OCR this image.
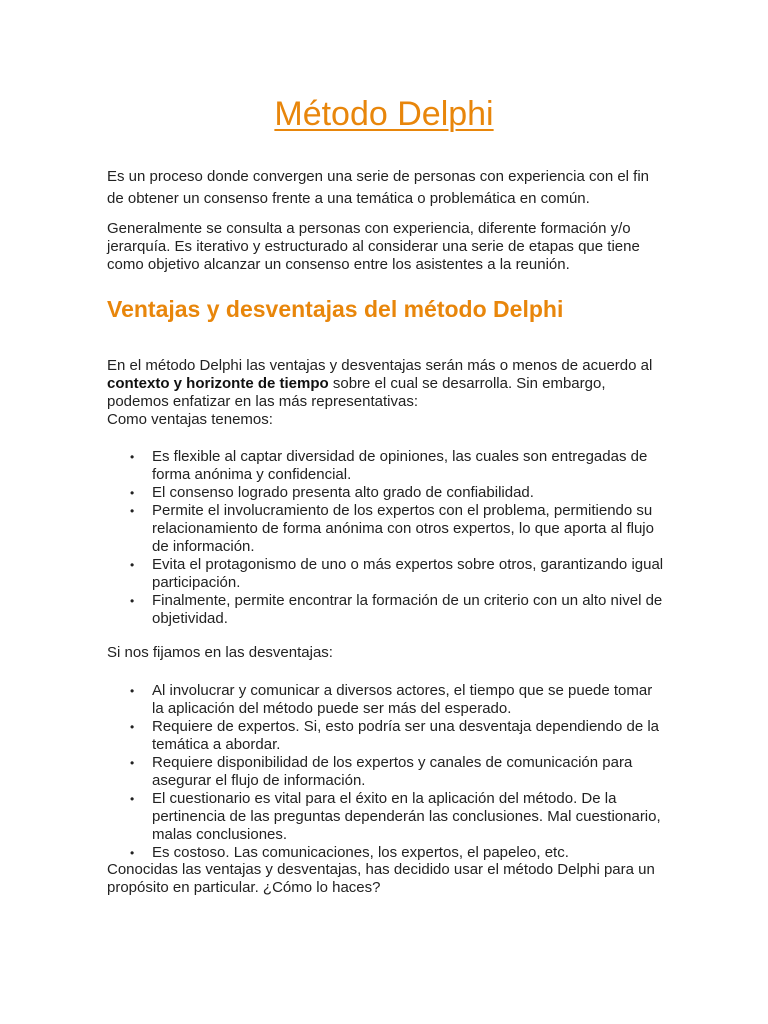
Método Delphi

Es un proceso donde convergen una serie de personas con experiencia con el fin de obtener un consenso frente a una temática o problemática en común.

Generalmente se consulta a personas con experiencia, diferente formación y/o jerarquía. Es iterativo y estructurado al considerar una serie de etapas que tiene como objetivo alcanzar un consenso entre los asistentes a la reunión.

Ventajas y desventajas del método Delphi

En el método Delphi las ventajas y desventajas serán más o menos de acuerdo al contexto y horizonte de tiempo sobre el cual se desarrolla. Sin embargo, podemos enfatizar en las más representativas:
Como ventajas tenemos:

• Es flexible al captar diversidad de opiniones, las cuales son entregadas de forma anónima y confidencial.
• El consenso logrado presenta alto grado de confiabilidad.
• Permite el involucramiento de los expertos con el problema, permitiendo su relacionamiento de forma anónima con otros expertos, lo que aporta al flujo de información.
• Evita el protagonismo de uno o más expertos sobre otros, garantizando igual participación.
• Finalmente, permite encontrar la formación de un criterio con un alto nivel de objetividad.

Si nos fijamos en las desventajas:

• Al involucrar y comunicar a diversos actores, el tiempo que se puede tomar la aplicación del método puede ser más del esperado.
• Requiere de expertos. Si, esto podría ser una desventaja dependiendo de la temática a abordar.
• Requiere disponibilidad de los expertos y canales de comunicación para asegurar el flujo de información.
• El cuestionario es vital para el éxito en la aplicación del método. De la pertinencia de las preguntas dependerán las conclusiones. Mal cuestionario, malas conclusiones.
• Es costoso. Las comunicaciones, los expertos, el papeleo, etc.

Conocidas las ventajas y desventajas, has decidido usar el método Delphi para un propósito en particular. ¿Cómo lo haces?
